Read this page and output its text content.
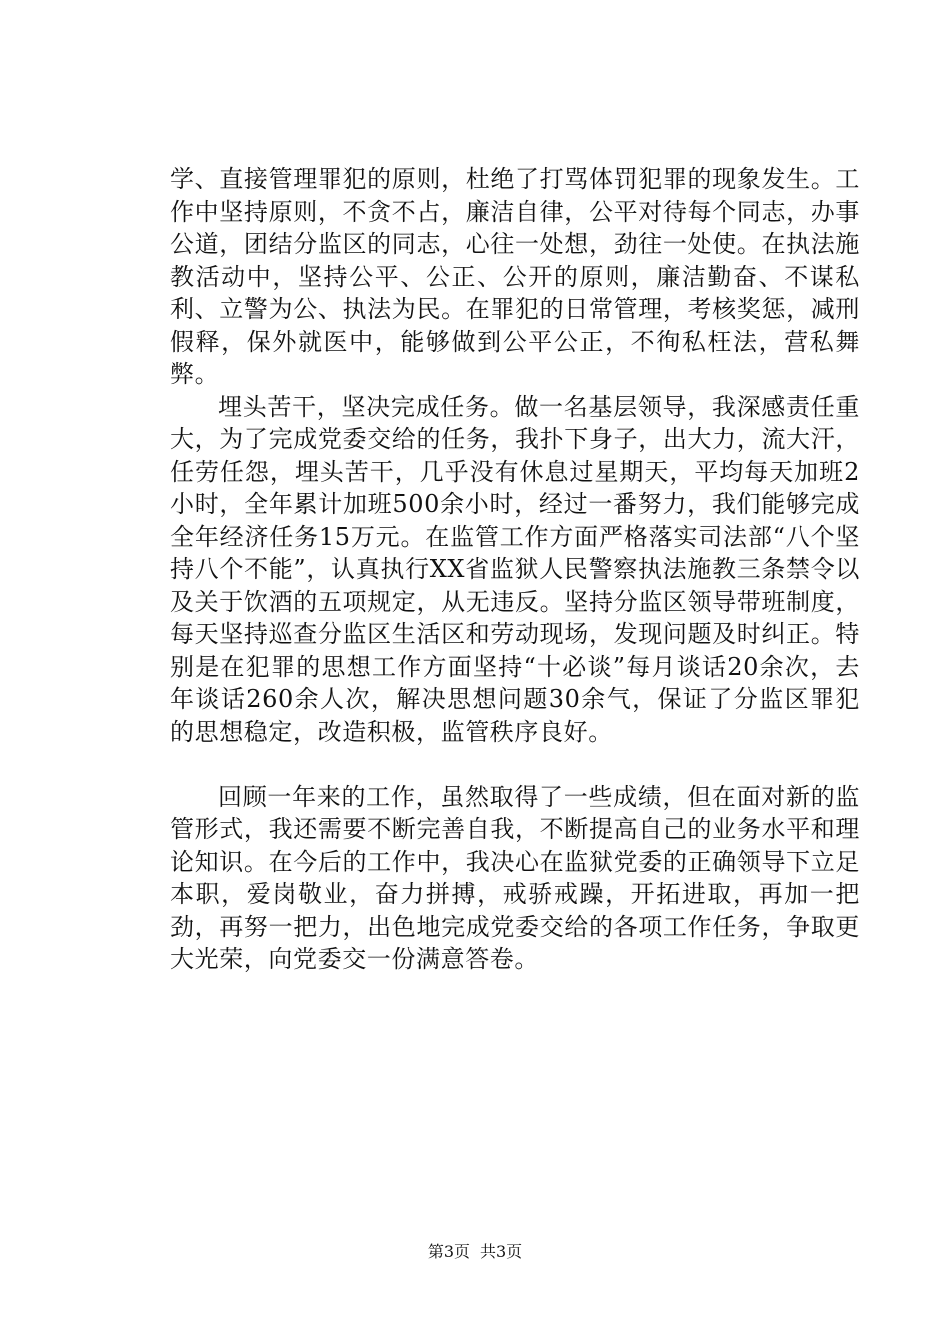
学、直接管理罪犯的原则，杜绝了打骂体罚犯罪的现象发生。工作中坚持原则，不贪不占，廉洁自律，公平对待每个同志，办事公道，团结分监区的同志，心往一处想，劲往一处使。在执法施教活动中，坚持公平、公正、公开的原则，廉洁勤奋、不谋私利、立警为公、执法为民。在罪犯的日常管理，考核奖惩，减刑假释，保外就医中，能够做到公平公正，不徇私枉法，营私舞弊。

埋头苦干，坚决完成任务。做一名基层领导，我深感责任重大，为了完成党委交给的任务，我扑下身子，出大力，流大汗，任劳任怨，埋头苦干，几乎没有休息过星期天，平均每天加班2小时，全年累计加班500余小时，经过一番努力，我们能够完成全年经济任务15万元。在监管工作方面严格落实司法部“八个坚持八个不能”，认真执行XX省监狱人民警察执法施教三条禁令以及关于饮酒的五项规定，从无违反。坚持分监区领导带班制度，每天坚持巡查分监区生活区和劳动现场，发现问题及时纠正。特别是在犯罪的思想工作方面坚持“十必谈”每月谈话20余次，去年谈话260余人次，解决思想问题30余气，保证了分监区罪犯的思想稳定，改造积极，监管秩序良好。

回顾一年来的工作，虽然取得了一些成绩，但在面对新的监管形式，我还需要不断完善自我，不断提高自己的业务水平和理论知识。在今后的工作中，我决心在监狱党委的正确领导下立足本职，爱岗敬业，奋力拼搏，戒骄戒躁，开拓进取，再加一把劲，再努一把力，出色地完成党委交给的各项工作任务，争取更大光荣，向党委交一份满意答卷。

第3页 共3页
